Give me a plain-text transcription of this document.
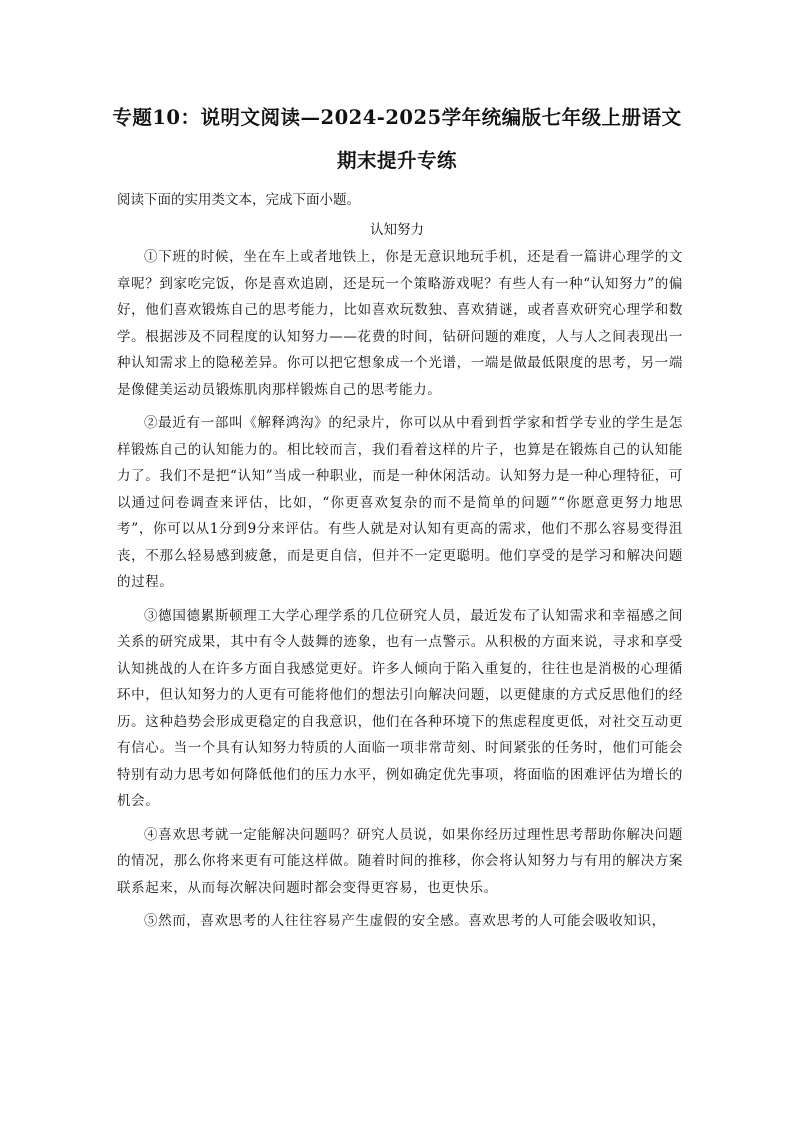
专题10：说明文阅读—2024-2025学年统编版七年级上册语文
期末提升专练
阅读下面的实用类文本，完成下面小题。
认知努力

①下班的时候，坐在车上或者地铁上，你是无意识地玩手机，还是看一篇讲心理学的文章呢？到家吃完饭，你是喜欢追剧，还是玩一个策略游戏呢？有些人有一种“认知努力”的偏好，他们喜欢锻炼自己的思考能力，比如喜欢玩数独、喜欢猜谜，或者喜欢研究心理学和数学。根据涉及不同程度的认知努力——花费的时间，钻研问题的难度，人与人之间表现出一种认知需求上的隐秘差异。你可以把它想象成一个光谱，一端是做最低限度的思考，另一端是像健美运动员锻炼肌肉那样锻炼自己的思考能力。

②最近有一部叫《解释鸿沟》的纪录片，你可以从中看到哲学家和哲学专业的学生是怎样锻炼自己的认知能力的。相比较而言，我们看着这样的片子，也算是在锻炼自己的认知能力了。我们不是把“认知”当成一种职业，而是一种休闲活动。认知努力是一种心理特征，可以通过问卷调查来评估，比如，“你更喜欢复杂的而不是简单的问题”“你愿意更努力地思考”，你可以从1分到9分来评估。有些人就是对认知有更高的需求，他们不那么容易变得沮丧，不那么轻易感到疲惫，而是更自信，但并不一定更聪明。他们享受的是学习和解决问题的过程。

③德国德累斯顿理工大学心理学系的几位研究人员，最近发布了认知需求和幸福感之间关系的研究成果，其中有令人鼓舞的迹象，也有一点警示。从积极的方面来说，寻求和享受认知挑战的人在许多方面自我感觉更好。许多人倾向于陷入重复的，往往也是消极的心理循环中，但认知努力的人更有可能将他们的想法引向解决问题，以更健康的方式反思他们的经历。这种趋势会形成更稳定的自我意识，他们在各种环境下的焦虑程度更低，对社交互动更有信心。当一个具有认知努力特质的人面临一项非常苛刻、时间紧张的任务时，他们可能会特别有动力思考如何降低他们的压力水平，例如确定优先事项，将面临的困难评估为增长的机会。

④喜欢思考就一定能解决问题吗？研究人员说，如果你经历过理性思考帮助你解决问题的情况，那么你将来更有可能这样做。随着时间的推移，你会将认知努力与有用的解决方案联系起来，从而每次解决问题时都会变得更容易，也更快乐。

⑤然而，喜欢思考的人往往容易产生虚假的安全感。喜欢思考的人可能会吸收知识，
